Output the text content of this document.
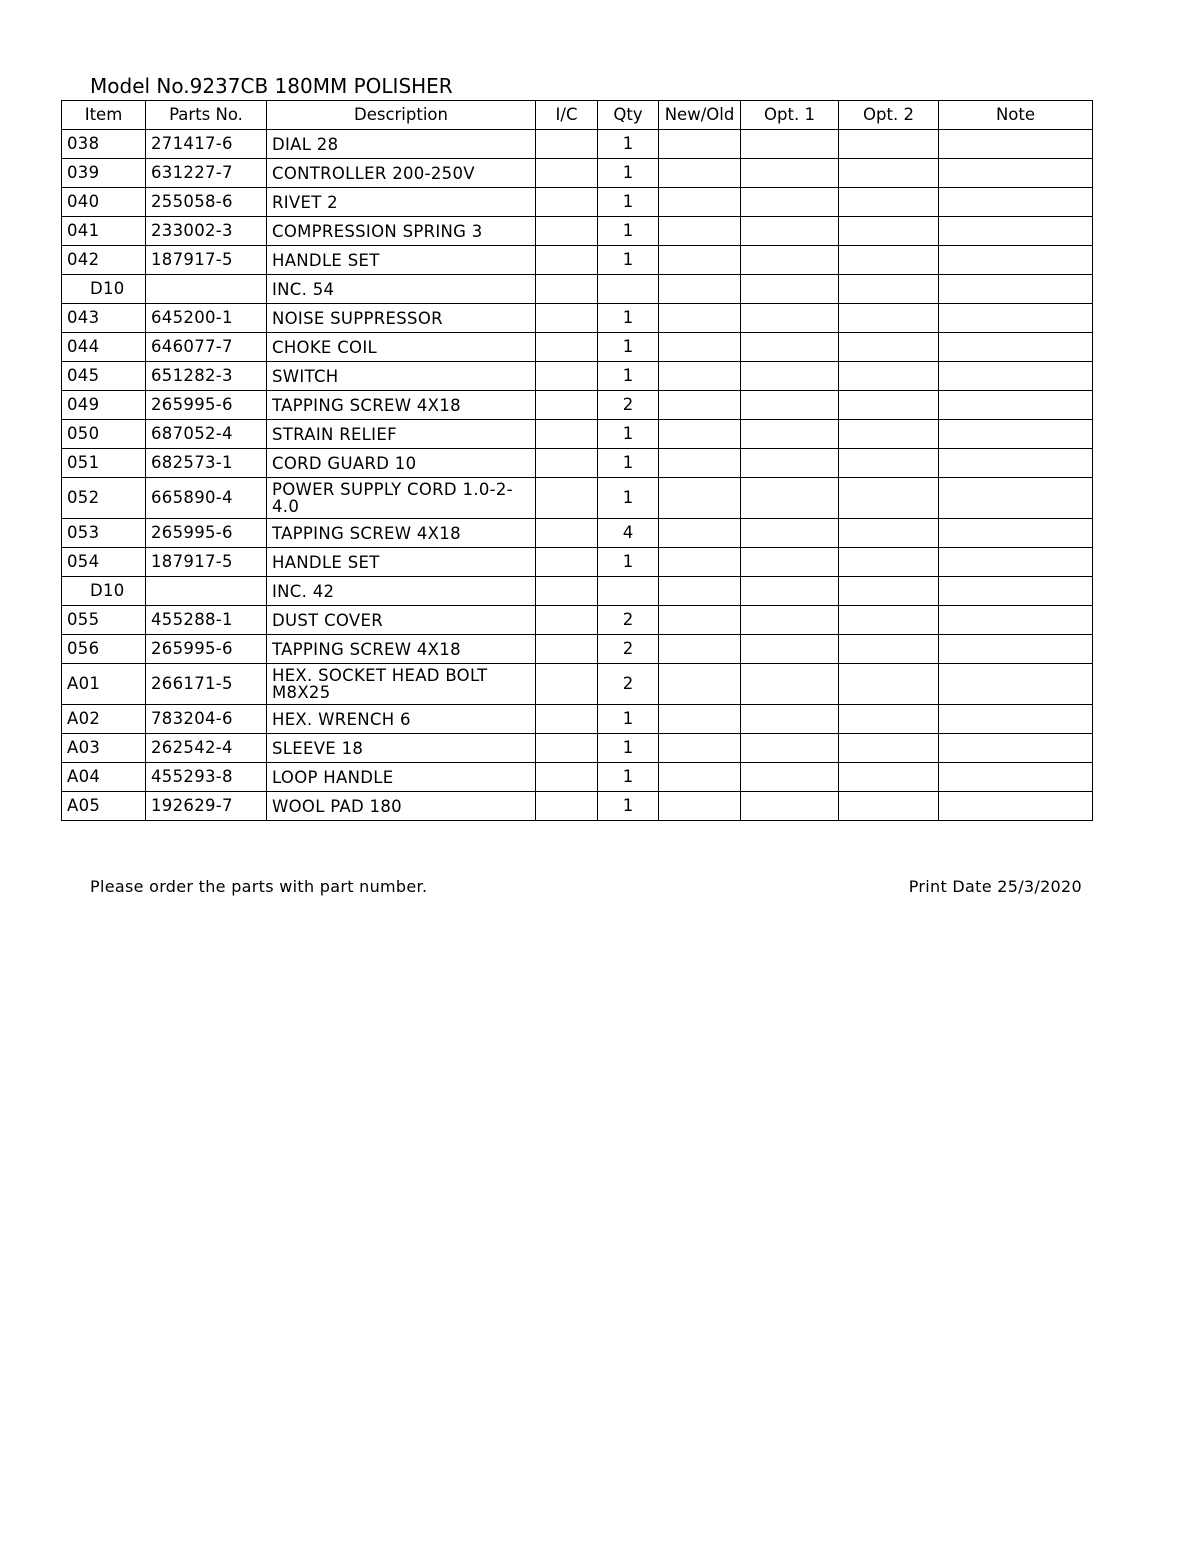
Model No.9237CB 180MM POLISHER
Item	Parts No.	Description	I/C	Qty	New/Old	Opt. 1	Opt. 2	Note
038	271417-6	DIAL 28		1				
039	631227-7	CONTROLLER 200-250V		1				
040	255058-6	RIVET 2		1				
041	233002-3	COMPRESSION SPRING 3		1				
042	187917-5	HANDLE SET		1				
D10		INC. 54						
043	645200-1	NOISE SUPPRESSOR		1				
044	646077-7	CHOKE COIL		1				
045	651282-3	SWITCH		1				
049	265995-6	TAPPING SCREW 4X18		2				
050	687052-4	STRAIN RELIEF		1				
051	682573-1	CORD GUARD 10		1				
052	665890-4	POWER SUPPLY CORD 1.0-2-4.0		1				
053	265995-6	TAPPING SCREW 4X18		4				
054	187917-5	HANDLE SET		1				
D10		INC. 42						
055	455288-1	DUST COVER		2				
056	265995-6	TAPPING SCREW 4X18		2				
A01	266171-5	HEX. SOCKET HEAD BOLT M8X25		2				
A02	783204-6	HEX. WRENCH 6		1				
A03	262542-4	SLEEVE 18		1				
A04	455293-8	LOOP HANDLE		1				
A05	192629-7	WOOL PAD 180		1				
Please order the parts with part number.	Print Date 25/3/2020
